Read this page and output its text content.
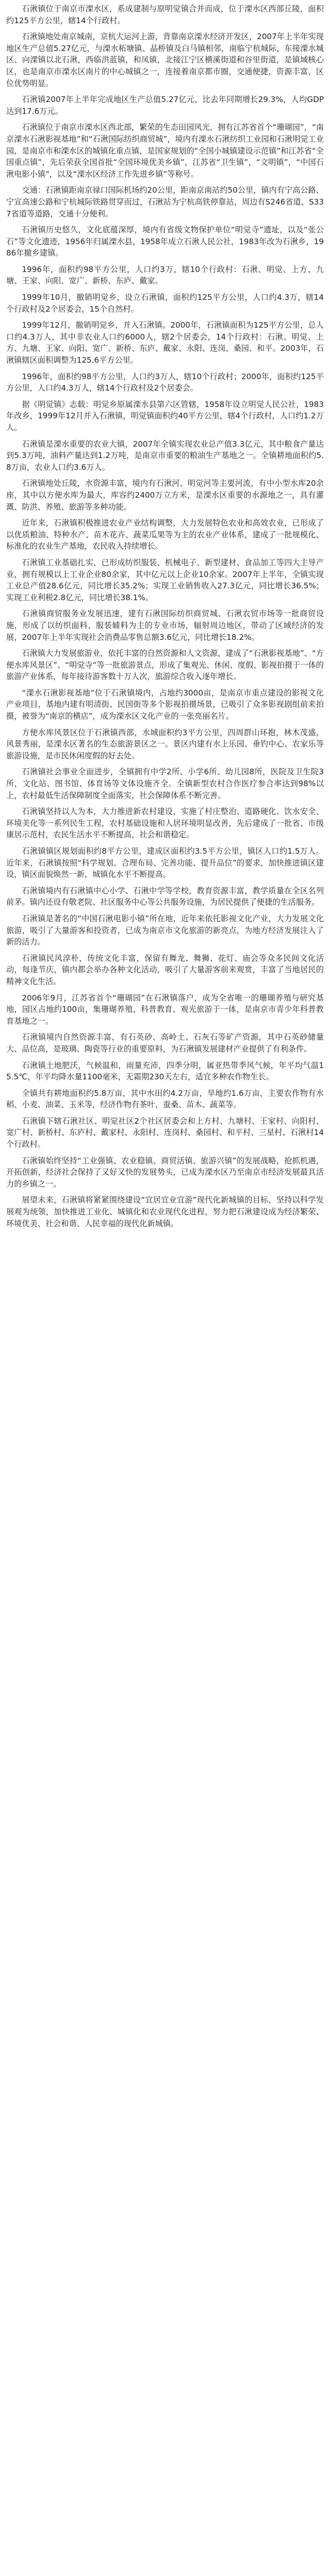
石湫镇位于南京市溧水区，系成建制与原明觉镇合并而成，位于溧水区西部丘陵，面积约125平方公里，辖14个行政村。

石湫镇地处南京城南，京杭大运河上游，背靠南京溧水经济开发区，2007年上半年实现地区生产总值5.27亿元，与溧水柘塘镇、晶桥镇及白马镇相邻，南临宁杭城际，东接溧水城区、向溧镇以北石湫，西临洪蓝镇，和凤镇，北接江宁区横溪街道和谷里街道，是镇域核心区，也是南京市溧水区南片的中心城镇之一，连接着南京都市圈，交通便捷，资源丰富，区位优势明显。

石湫镇2007年上半年完成地区生产总值5.27亿元，比去年同期增长29.3%，人均GDP达到17.6万元。

石湫镇位于南京市溧水区西北部，繁荣的生态田园风光，拥有江苏省首个“珊瑚园”，“南京溧水石湫影视基地”和“石湫国际纺织商贸城”，境内有溧水石湫纺织工业园和石湫明觉工业园，是南京市和溧水区的城镇化重点镇，是国家规划的“全国小城镇建设示范镇”和江苏省“全国重点镇”，先后荣获全国首批“全国环境优美乡镇”，江苏省“卫生镇”，“文明镇”，“中国石湫电影小镇”，以及“溧水区经济工作先进乡镇”等称号。

交通：石湫镇距南京禄口国际机场约20公里，距南京南站约50公里，镇内有宁高公路、宁宣高速公路和宁杭城际铁路贯穿而过，石湫站为宁杭高铁停靠站，周边有S246省道、S337省道等道路，交通十分便利。

石湫镇历史悠久，文化底蕴深厚，境内有省级文物保护单位“明觉寺”遗址，以及“张公石”等文化遗迹，1956年归属溧水县，1958年成立石湫人民公社，1983年改为石湫乡，1986年撤乡建镇。

1996年，面积约98平方公里，人口约3万，辖10个行政村：石湫、明觉、上方、九塘、王家、向阳、宽广、新桥、东庐、戴家。

1999年10月，撤销明觉乡，设立石湫镇，面积约125平方公里，人口约4.3万，辖14个行政村及2个居委会，15个自然村。

1999年12月，撤销明觉乡，并入石湫镇。2000年，石湫镇面积为125平方公里，总人口约4.3万人，其中非农业人口约6000人，辖2个居委会，14个行政村：石湫、明觉、上方、九塘、王家、向阳、宽广、新桥、东庐、戴家、永阳、连岗、桑园、和平。2003年，石湫镇辖区面积调整为125.6平方公里。

1996年，面积约98平方公里，人口约3万人，辖10个行政村；2000年，面积约125平方公里，人口约4.3万人，辖14个行政村及2个居委会。

据《明觉镇》志载：明觉乡原属溧水县第六区管辖，1958年设立明觉人民公社，1983年改乡，1999年12月并入石湫镇，明觉镇面积约40平方公里，辖4个行政村，人口约1.2万人。

石湫镇是溧水重要的农业大镇，2007年全镇实现农业总产值3.3亿元，其中粮食产量达到5.3万吨，油料产量达到1.2万吨，是南京市重要的粮油生产基地之一。全镇耕地面积约5.8万亩，农业人口约3.6万人。

石湫镇地处丘陵，水资源丰富，境内有石湫河、明觉河等主要河流，有中小型水库20余座，其中以方便水库为最大，库容约2400万立方米，是溧水区重要的水源地之一，具有灌溉、防洪、养殖、旅游等多种功能。

近年来，石湫镇积极推进农业产业结构调整，大力发展特色农业和高效农业，已形成了以优质粮油、特种水产、苗木花卉、蔬菜瓜果等为主的农业产业体系，建成了一批规模化、标准化的农业生产基地，农民收入持续增长。

石湫镇工业基础扎实，已形成纺织服装、机械电子、新型建材、食品加工等四大主导产业，拥有规模以上工业企业80余家，其中亿元以上企业10余家。2007年上半年，全镇实现工业总产值28.6亿元，同比增长35.2%；实现工业销售收入27.3亿元，同比增长36.5%；实现工业利税2.8亿元，同比增长38.1%。

石湫镇商贸服务业发展迅速，建有石湫国际纺织商贸城、石湫农贸市场等一批商贸设施，形成了以纺织面料、服装辅料为主的专业市场，辐射周边地区，带动了区域经济的发展，2007年上半年实现社会消费品零售总额3.6亿元，同比增长18.2%。

石湫镇大力发展旅游业，依托丰富的自然资源和人文资源，建成了“石湫影视基地”、“方便水库风景区”、“明觉寺”等一批旅游景点，形成了集观光、休闲、度假、影视拍摄于一体的旅游产业体系，每年接待游客数十万人次，旅游综合收入逐年增长。

“溧水石湫影视基地”位于石湫镇境内，占地约3000亩，是南京市重点建设的影视文化产业项目，基地内建有明清街、民国街等多个影视拍摄场景，已吸引了众多影视剧组前来拍摄，被誉为“南京的横店”，成为溧水区文化产业的一张亮丽名片。

方便水库风景区位于石湫镇西部，水域面积约3平方公里，四周群山环抱，林木茂盛，风景秀丽，是溧水区著名的生态旅游景区之一。景区内建有水上乐园、垂钓中心、农家乐等旅游设施，是市民休闲度假的好去处。

石湫镇社会事业全面进步，全镇拥有中学2所、小学6所、幼儿园8所，医院及卫生院3所，文化站、图书馆、体育场等文体设施齐全。全镇新型农村合作医疗参合率达到98%以上，农村最低生活保障制度全面落实，社会保障体系不断完善。

石湫镇坚持以人为本，大力推进新农村建设，实施了村庄整治、道路硬化、饮水安全、环境美化等一系列民生工程，农村基础设施和人居环境明显改善，先后建成了一批省、市级康居示范村，农民生活水平不断提高，社会和谐稳定。

石湫镇镇区规划面积约8平方公里，建成区面积约3.5平方公里，镇区人口约1.5万人。近年来，石湫镇按照“科学规划、合理布局、完善功能、提升品位”的要求，加快推进镇区建设，镇区面貌焕然一新，城镇化水平不断提高。

石湫镇境内有石湫镇中心小学、石湫中学等学校，教育资源丰富，教学质量在全区名列前茅。镇内还设有敬老院、社区服务中心等公共服务设施，为居民提供了便捷的生活服务。

石湫镇是著名的“中国石湫电影小镇”所在地，近年来依托影视文化产业，大力发展文化旅游，吸引了大量游客和投资者，已成为南京市文化旅游的新亮点，为地方经济发展注入了新的活力。

石湫镇民风淳朴，传统文化丰富，保留有舞龙、舞狮、花灯、庙会等众多民间文化活动，每逢节庆，镇内都会举办各种文化活动，吸引了大量游客前来观赏，丰富了当地居民的精神文化生活。

2006年9月，江苏省首个“珊瑚园”在石湫镇落户，成为全省唯一的珊瑚养殖与研究基地，园区占地约100亩，集珊瑚养殖、科普教育、观光旅游于一体，是南京市青少年科普教育基地之一。

石湫镇境内自然资源丰富，有石英砂、高岭土、石灰石等矿产资源，其中石英砂储量大、品位高，是玻璃、陶瓷等行业的重要原料，为石湫镇发展建材产业提供了有利条件。

石湫镇土地肥沃，气候温和，雨量充沛，四季分明，属亚热带季风气候，年平均气温15.5℃，年平均降水量1100毫米，无霜期230天左右，适宜多种农作物生长。

全镇共有耕地面积约5.8万亩，其中水田约4.2万亩，旱地约1.6万亩，主要农作物有水稻、小麦、油菜、玉米等，经济作物有茶叶、蚕桑、苗木、蔬菜等。

石湫镇下辖石湫社区、明觉社区2个社区居委会和上方村、九塘村、王家村、向阳村、宽广村、新桥村、东庐村、戴家村、永阳村、连岗村、桑园村、和平村、三星村、石湫村14个行政村。

石湫镇始终坚持“工业强镇、农业稳镇、商贸活镇、旅游兴镇”的发展战略，抢抓机遇，开拓创新，经济社会保持了又好又快的发展势头，已成为溧水区乃至南京市经济发展最具活力的乡镇之一。

展望未来，石湫镇将紧紧围绕建设“宜居宜业宜游”现代化新城镇的目标，坚持以科学发展观为统领，加快推进工业化、城镇化和农业现代化进程，努力把石湫建设成为经济繁荣、环境优美、社会和谐、人民幸福的现代化新城镇。
